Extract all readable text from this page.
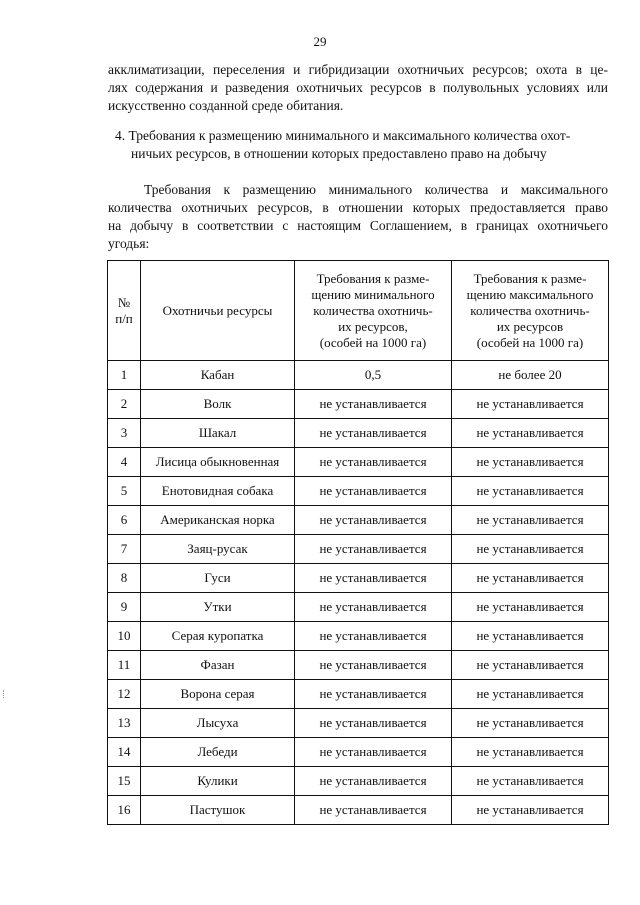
29
акклиматизации, переселения и гибридизации охотничьих ресурсов; охота в це-
лях содержания и разведения охотничьих ресурсов в полувольных условиях или
искусственно созданной среде обитания.
4. Требования к размещению минимального и максимального количества охот-
ничьих ресурсов, в отношении которых предоставлено право на добычу
Требования к размещению минимального количества и максимального
количества охотничьих ресурсов, в отношении которых предоставляется право
на добычу в соответствии с настоящим Соглашением, в границах охотничьего
угодья:
№
п/п	Охотничьи ресурсы	Требования к разме-
щению минимального
количества охотничь-
их ресурсов,
(особей на 1000 га)	Требования к разме-
щению максимального
количества охотничь-
их ресурсов
(особей на 1000 га)

1	Кабан	0,5	не более 20
2	Волк	не устанавливается	не устанавливается
3	Шакал	не устанавливается	не устанавливается
4	Лисица обыкновенная	не устанавливается	не устанавливается
5	Енотовидная собака	не устанавливается	не устанавливается
6	Американская норка	не устанавливается	не устанавливается
7	Заяц-русак	не устанавливается	не устанавливается
8	Гуси	не устанавливается	не устанавливается
9	Утки	не устанавливается	не устанавливается
10	Серая куропатка	не устанавливается	не устанавливается
11	Фазан	не устанавливается	не устанавливается
12	Ворона серая	не устанавливается	не устанавливается
13	Лысуха	не устанавливается	не устанавливается
14	Лебеди	не устанавливается	не устанавливается
15	Кулики	не устанавливается	не устанавливается
16	Пастушок	не устанавливается	не устанавливается
